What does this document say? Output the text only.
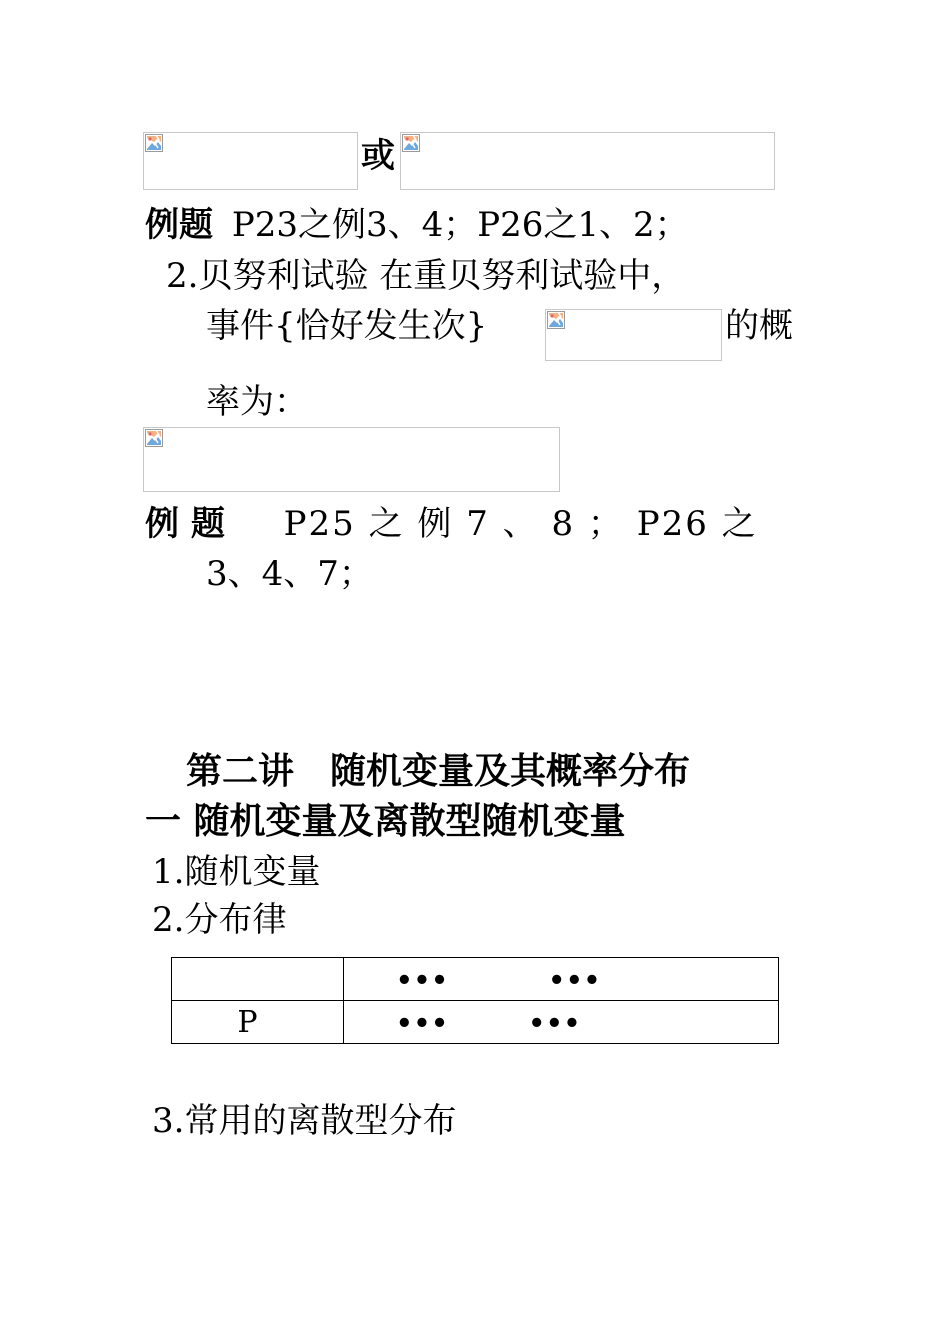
或
例题 P23之例3、4；P26之1、2；
2.贝努利试验 在重贝努利试验中，
事件{恰好发生次}	的概
率为：
例 题 P25 之 例 7 、 8 ； P26 之
3、4、7；
第二讲　随机变量及其概率分布
一 随机变量及离散型随机变量
1.随机变量
2.分布律
	••• •••
P	••• •••
3.常用的离散型分布
